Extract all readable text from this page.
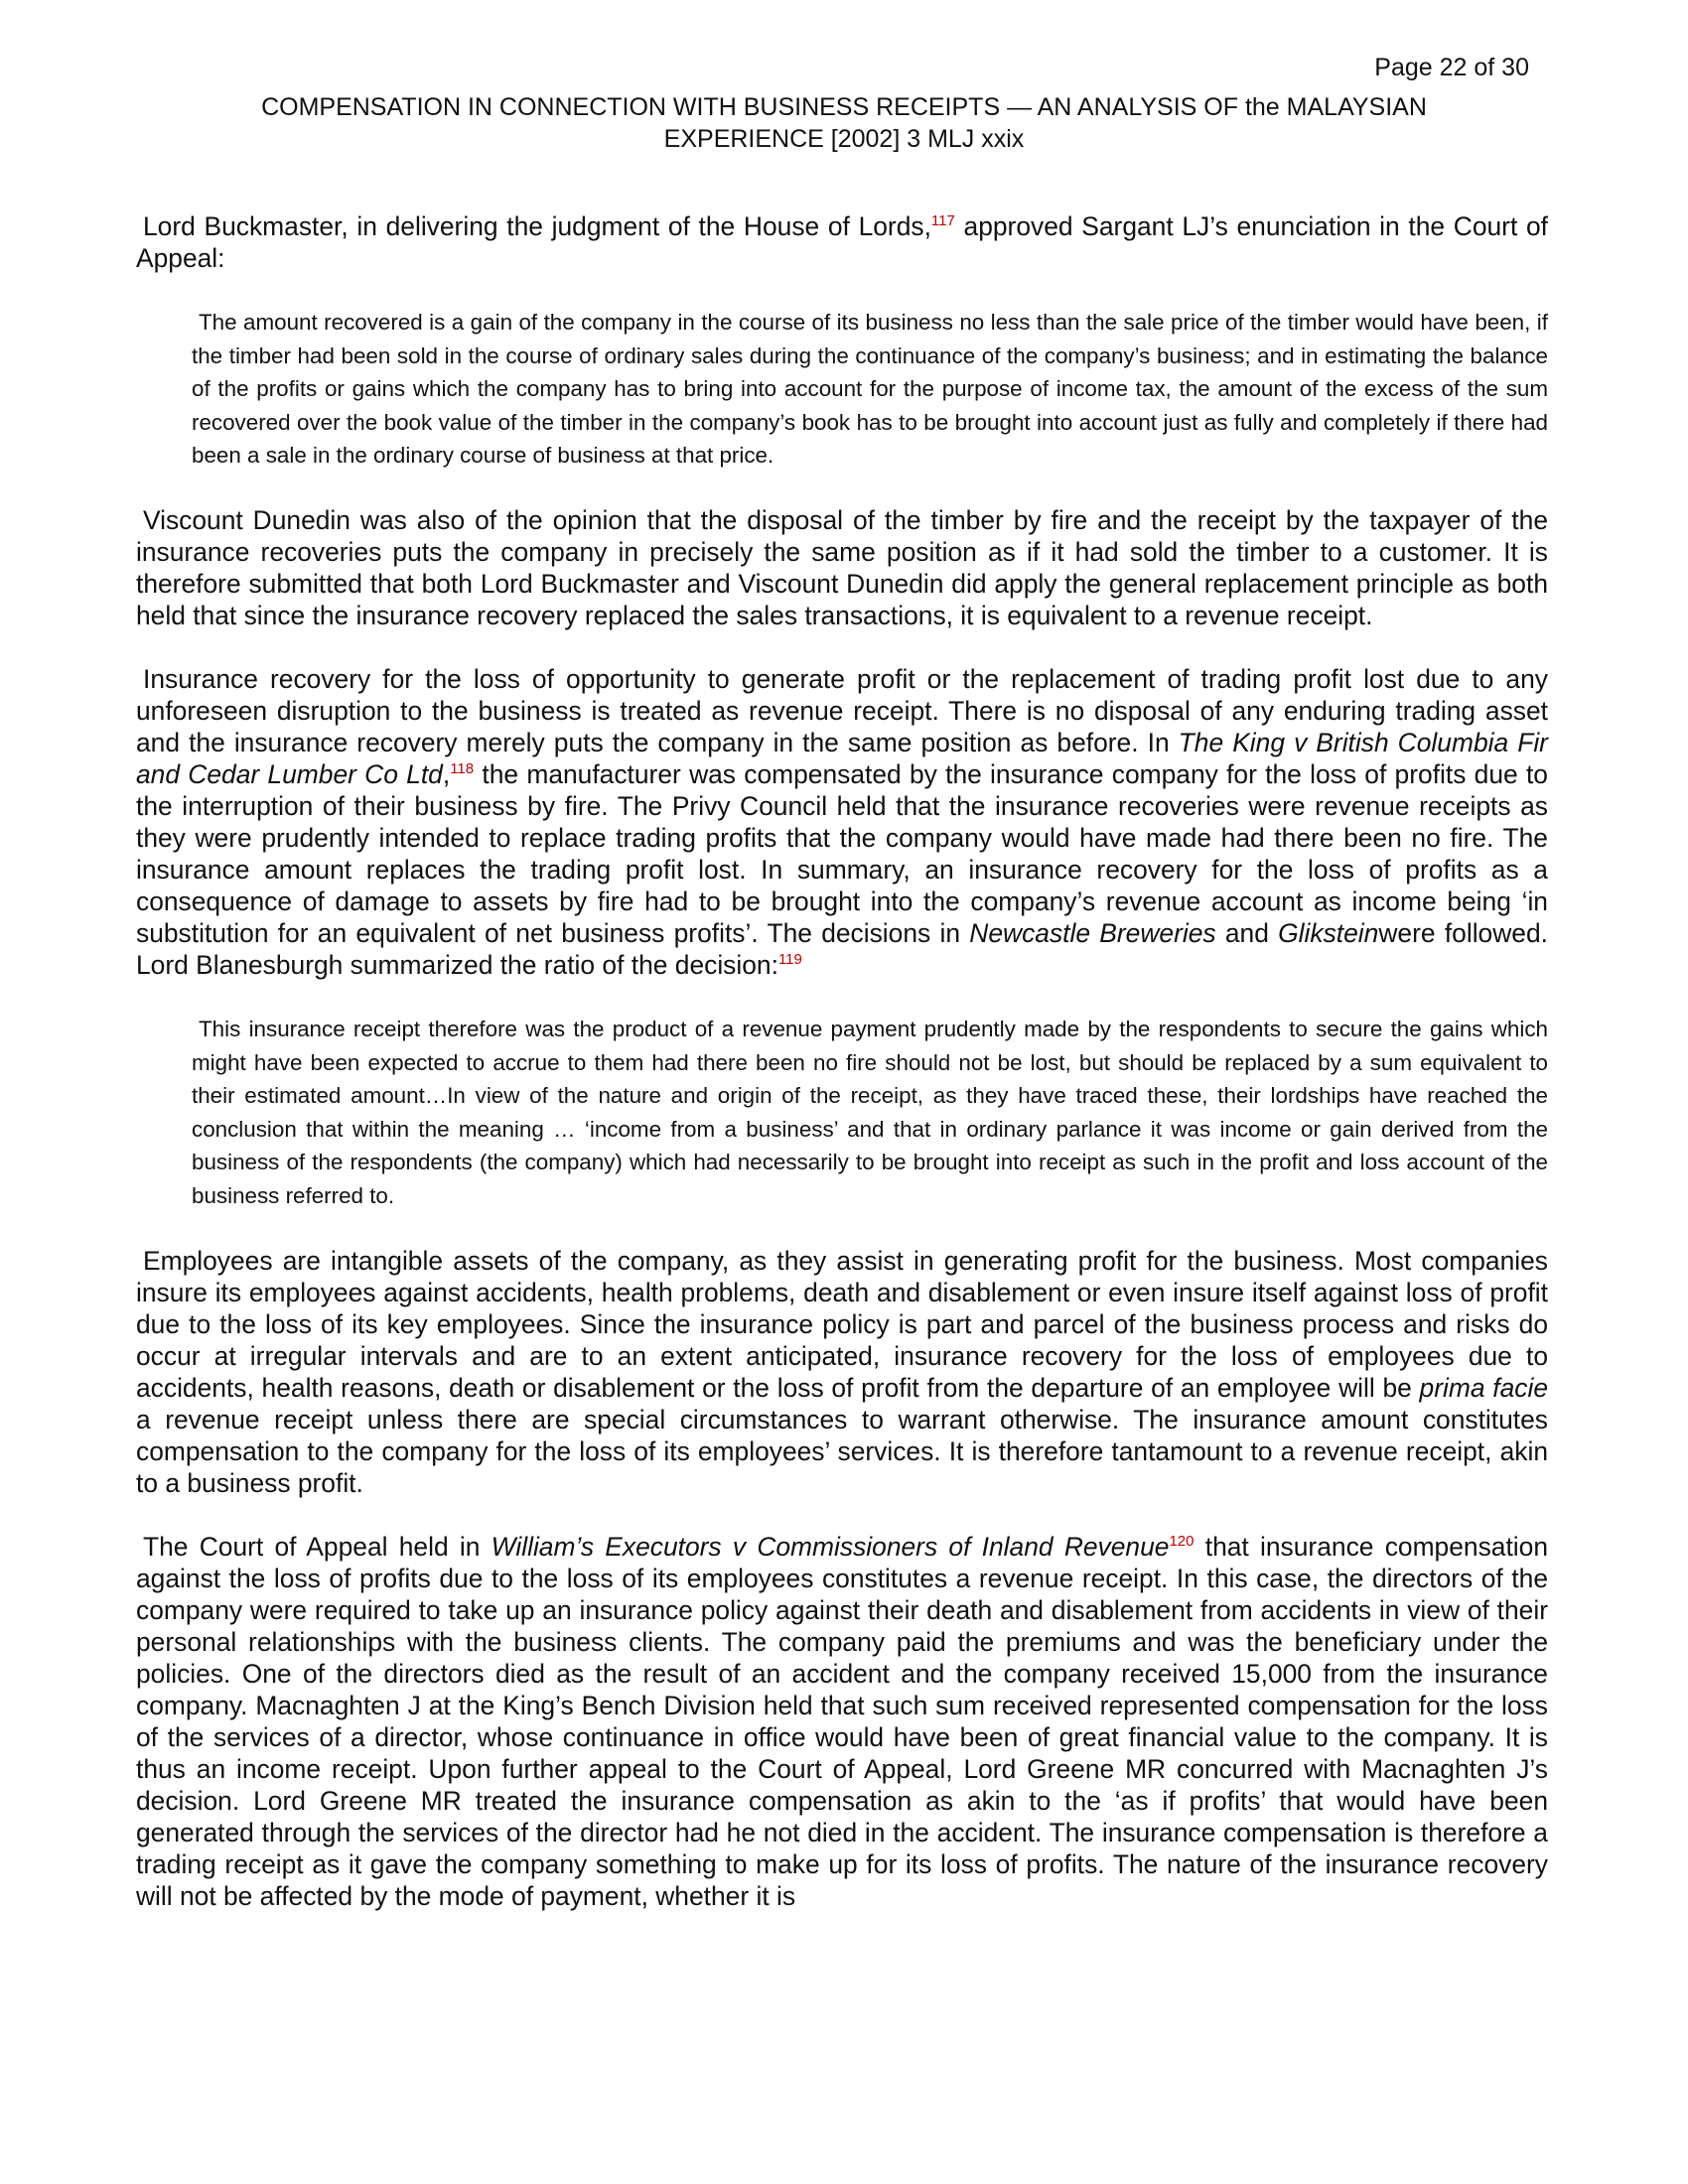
Page 22 of 30
COMPENSATION IN CONNECTION WITH BUSINESS RECEIPTS — AN ANALYSIS OF the MALAYSIAN
EXPERIENCE [2002] 3 MLJ xxix

Lord Buckmaster, in delivering the judgment of the House of Lords,$^{117}$ approved Sargant LJ’s enunciation in the Court of Appeal:

The amount recovered is a gain of the company in the course of its business no less than the sale price of the timber would have been, if the timber had been sold in the course of ordinary sales during the continuance of the company’s business; and in estimating the balance of the profits or gains which the company has to bring into account for the purpose of income tax, the amount of the excess of the sum recovered over the book value of the timber in the company’s book has to be brought into account just as fully and completely if there had been a sale in the ordinary course of business at that price.

Viscount Dunedin was also of the opinion that the disposal of the timber by fire and the receipt by the taxpayer of the insurance recoveries puts the company in precisely the same position as if it had sold the timber to a customer. It is therefore submitted that both Lord Buckmaster and Viscount Dunedin did apply the general replacement principle as both held that since the insurance recovery replaced the sales transactions, it is equivalent to a revenue receipt.

Insurance recovery for the loss of opportunity to generate profit or the replacement of trading profit lost due to any unforeseen disruption to the business is treated as revenue receipt. There is no disposal of any enduring trading asset and the insurance recovery merely puts the company in the same position as before. In The King v British Columbia Fir and Cedar Lumber Co Ltd,$^{118}$ the manufacturer was compensated by the insurance company for the loss of profits due to the interruption of their business by fire. The Privy Council held that the insurance recoveries were revenue receipts as they were prudently intended to replace trading profits that the company would have made had there been no fire. The insurance amount replaces the trading profit lost. In summary, an insurance recovery for the loss of profits as a consequence of damage to assets by fire had to be brought into the company’s revenue account as income being ‘in substitution for an equivalent of net business profits’. The decisions in Newcastle Breweries and Gliksteinwere followed. Lord Blanesburgh summarized the ratio of the decision:$^{119}$

This insurance receipt therefore was the product of a revenue payment prudently made by the respondents to secure the gains which might have been expected to accrue to them had there been no fire should not be lost, but should be replaced by a sum equivalent to their estimated amount…In view of the nature and origin of the receipt, as they have traced these, their lordships have reached the conclusion that within the meaning … ‘income from a business’ and that in ordinary parlance it was income or gain derived from the business of the respondents (the company) which had necessarily to be brought into receipt as such in the profit and loss account of the business referred to.

Employees are intangible assets of the company, as they assist in generating profit for the business. Most companies insure its employees against accidents, health problems, death and disablement or even insure itself against loss of profit due to the loss of its key employees. Since the insurance policy is part and parcel of the business process and risks do occur at irregular intervals and are to an extent anticipated, insurance recovery for the loss of employees due to accidents, health reasons, death or disablement or the loss of profit from the departure of an employee will be prima facie a revenue receipt unless there are special circumstances to warrant otherwise. The insurance amount constitutes compensation to the company for the loss of its employees’ services. It is therefore tantamount to a revenue receipt, akin to a business profit.

The Court of Appeal held in William’s Executors v Commissioners of Inland Revenue$^{120}$ that insurance compensation against the loss of profits due to the loss of its employees constitutes a revenue receipt. In this case, the directors of the company were required to take up an insurance policy against their death and disablement from accidents in view of their personal relationships with the business clients. The company paid the premiums and was the beneficiary under the policies. One of the directors died as the result of an accident and the company received 15,000 from the insurance company. Macnaghten J at the King’s Bench Division held that such sum received represented compensation for the loss of the services of a director, whose continuance in office would have been of great financial value to the company. It is thus an income receipt. Upon further appeal to the Court of Appeal, Lord Greene MR concurred with Macnaghten J’s decision. Lord Greene MR treated the insurance compensation as akin to the ‘as if profits’ that would have been generated through the services of the director had he not died in the accident. The insurance compensation is therefore a trading receipt as it gave the company something to make up for its loss of profits. The nature of the insurance recovery will not be affected by the mode of payment, whether it is
